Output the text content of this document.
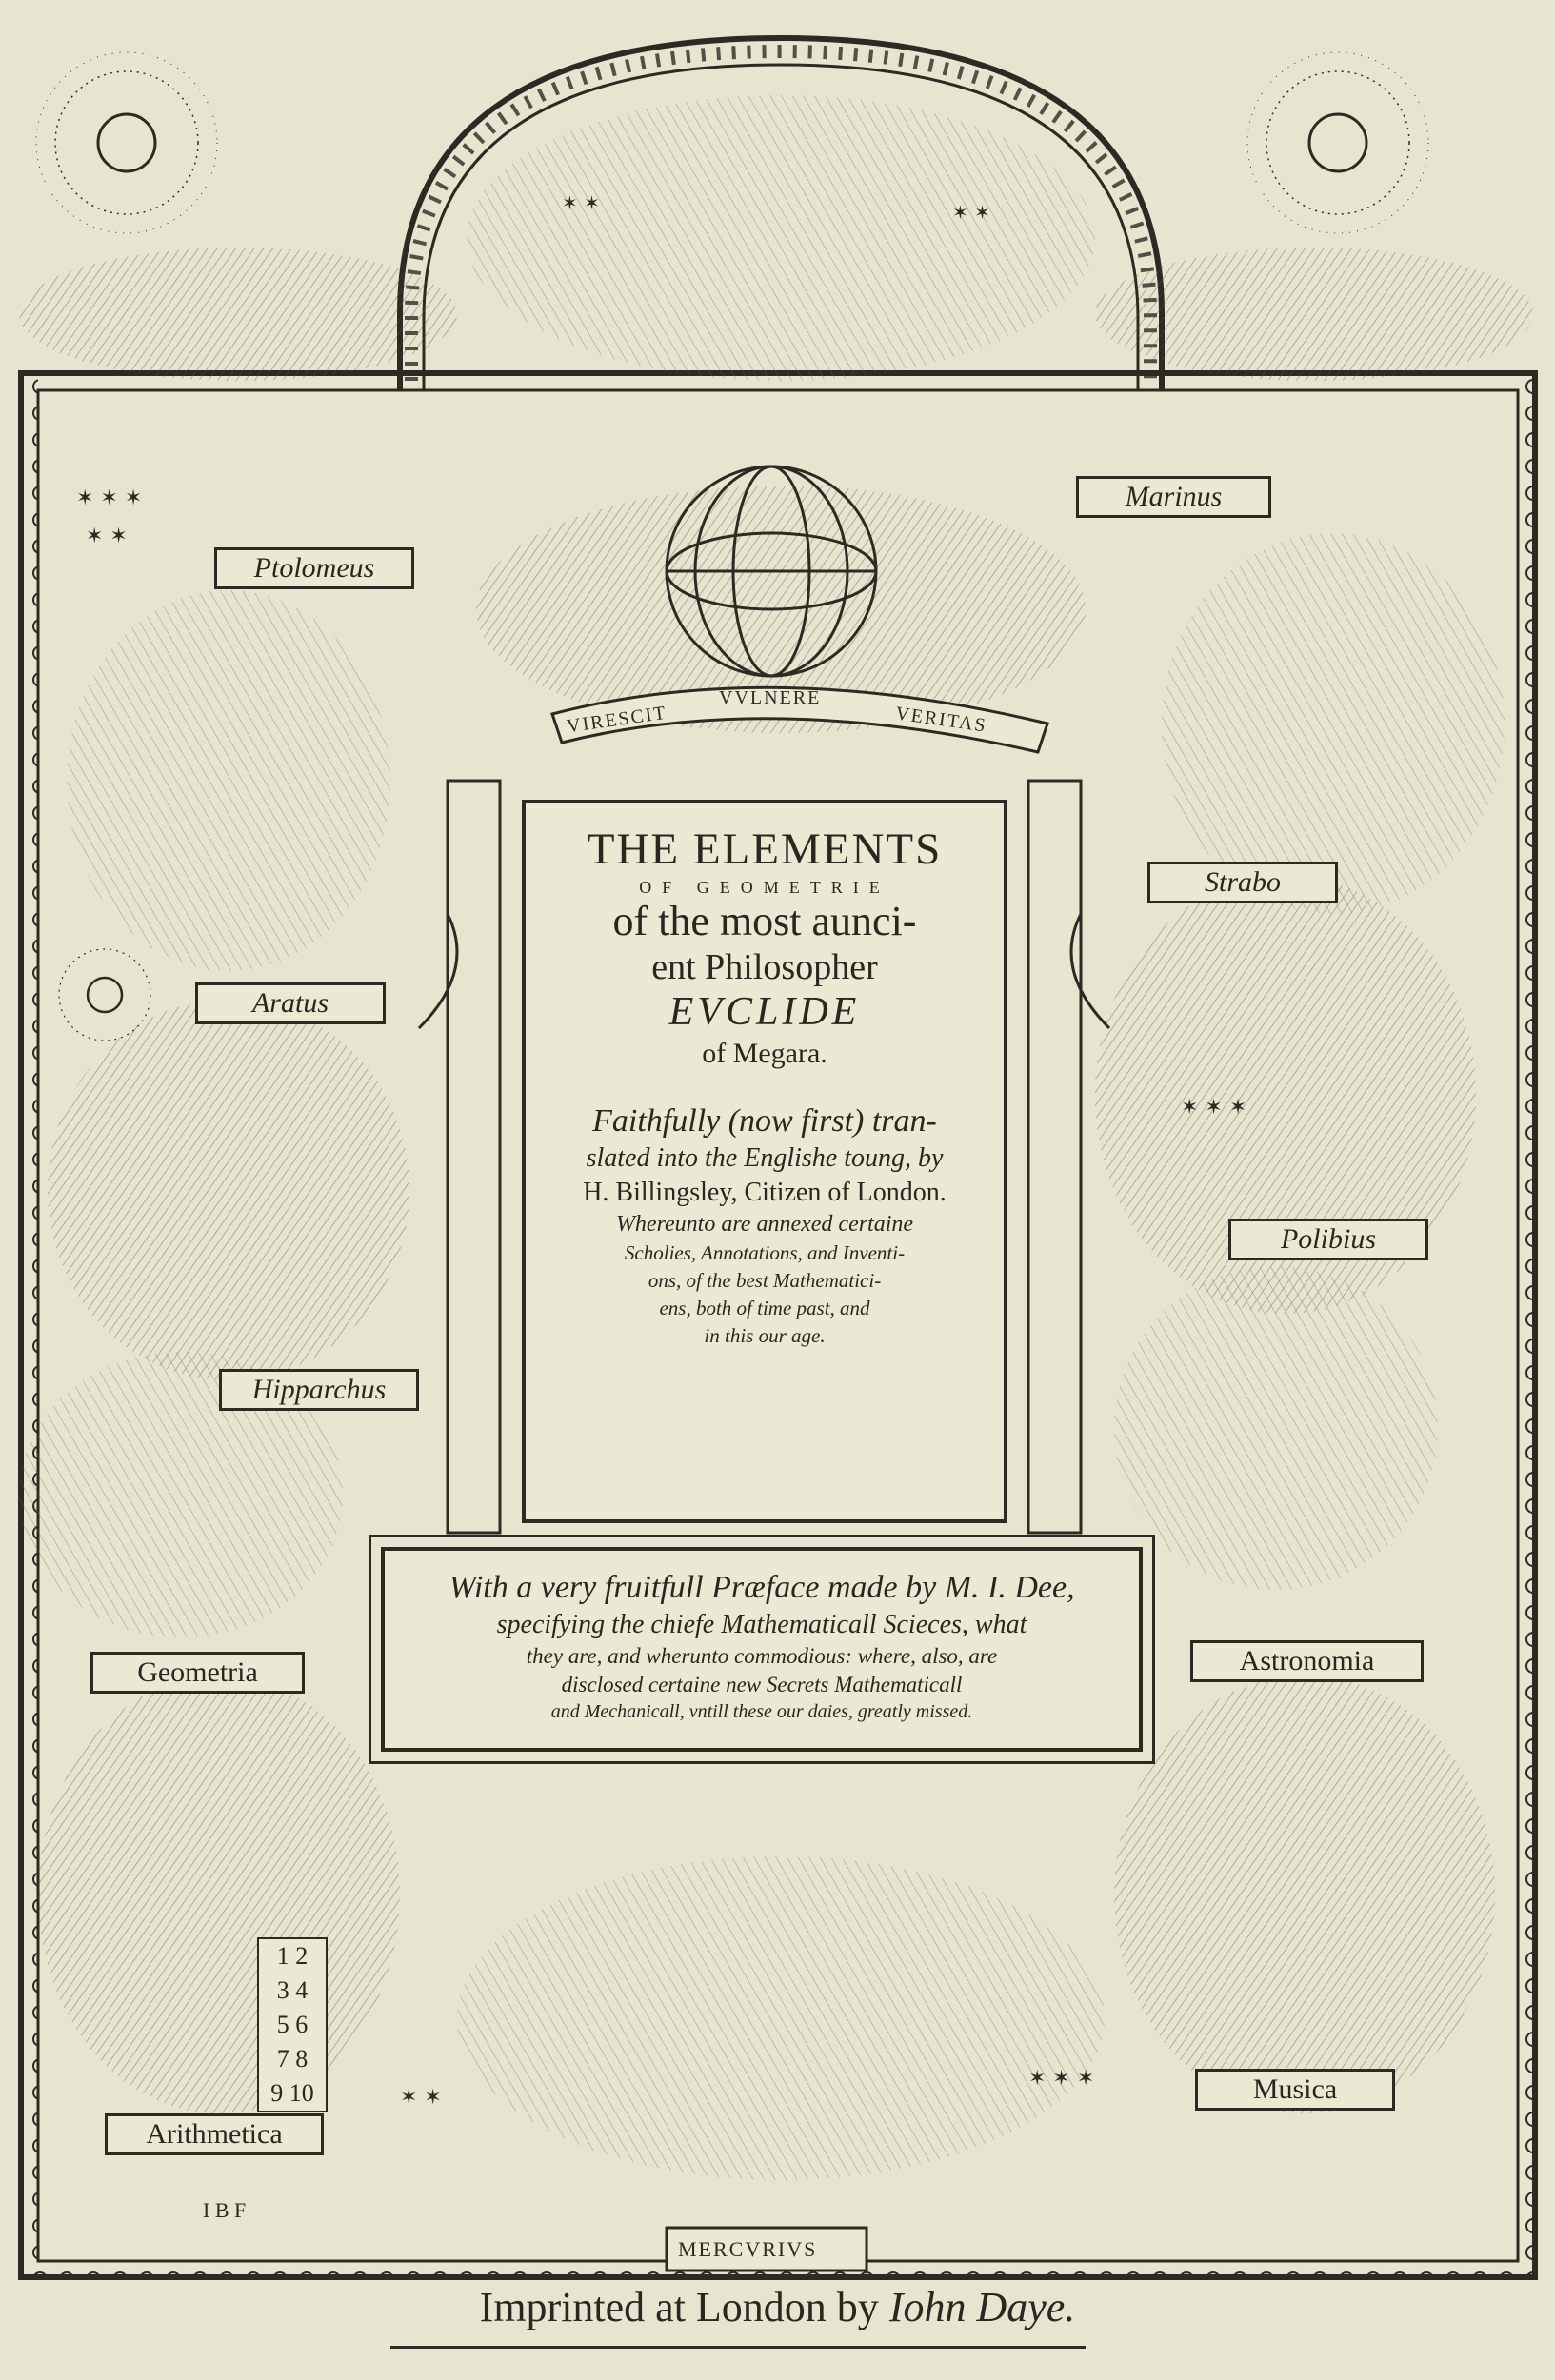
✶ ✶ ✶
✶ ✶
✶ ✶ ✶
✶ ✶
✶ ✶ ✶
✶ ✶	✶ ✶
VIRESCIT
VVLNERE
VERITAS
THE ELEMENTS
OF GEOMETRIE
of the most aunci-
ent Philosopher
EVCLIDE
of Megara.
Faithfully (now first) tran-
slated into the Englishe toung, by
H. Billingsley, Citizen of London.
Whereunto are annexed certaine
Scholies, Annotations, and Inventi-
ons, of the best Mathematici-
ens, both of time past, and
in this our age.
With a very fruitfull Præface made by M. I. Dee,
specifying the chiefe Mathematicall Scieces, what
they are, and wherunto commodious: where, also, are
disclosed certaine new Secrets Mathematicall
and Mechanicall, vntill these our daies, greatly missed.
Ptolomeus
Marinus
Aratus
Strabo
Polibius
Hipparchus
Geometria	Astronomia
Arithmetica
Musica
MERCVRIVS
1 2
3 4
5 6
7 8
9 10
I B F
Imprinted at London by Iohn Daye.
